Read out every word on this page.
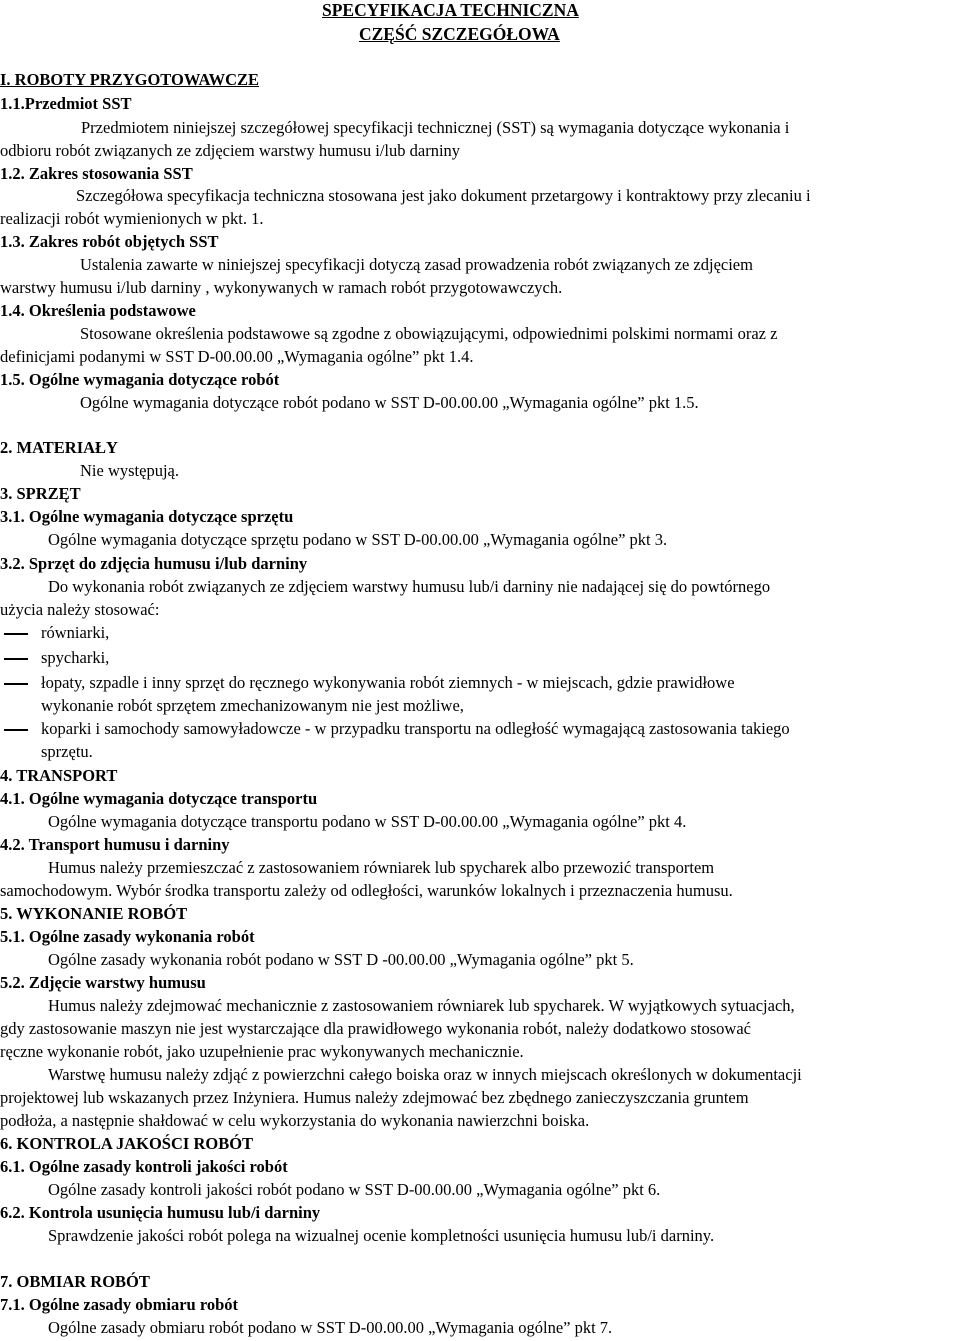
SPECYFIKACJA TECHNICZNA
CZĘŚĆ SZCZEGÓŁOWA
I. ROBOTY PRZYGOTOWAWCZE
1.1.Przedmiot SST
Przedmiotem niniejszej szczegółowej specyfikacji technicznej (SST) są wymagania dotyczące wykonania i
odbioru robót związanych ze zdjęciem warstwy humusu i/lub darniny
1.2. Zakres stosowania SST
Szczegółowa specyfikacja techniczna stosowana jest jako dokument przetargowy i kontraktowy przy zlecaniu i
realizacji robót wymienionych w pkt. 1.
1.3. Zakres robót objętych SST
Ustalenia zawarte w niniejszej specyfikacji dotyczą zasad prowadzenia robót związanych ze zdjęciem
warstwy humusu i/lub darniny , wykonywanych w ramach robót przygotowawczych.
1.4. Określenia podstawowe
Stosowane określenia podstawowe są zgodne z obowiązującymi, odpowiednimi polskimi normami oraz z
definicjami podanymi w SST D-00.00.00 „Wymagania ogólne” pkt 1.4.
1.5. Ogólne wymagania dotyczące robót
Ogólne wymagania dotyczące robót podano w SST D-00.00.00 „Wymagania ogólne” pkt 1.5.
2. MATERIAŁY
Nie występują.
3. SPRZĘT
3.1. Ogólne wymagania dotyczące sprzętu
Ogólne wymagania dotyczące sprzętu podano w SST D-00.00.00 „Wymagania ogólne” pkt 3.
3.2. Sprzęt do zdjęcia humusu i/lub darniny
Do wykonania robót związanych ze zdjęciem warstwy humusu lub/i darniny nie nadającej się do powtórnego
użycia należy stosować:
równiarki,
spycharki,
łopaty, szpadle i inny sprzęt do ręcznego wykonywania robót ziemnych - w miejscach, gdzie prawidłowe
wykonanie robót sprzętem zmechanizowanym nie jest możliwe,
koparki i samochody samowyładowcze - w przypadku transportu na odległość wymagającą zastosowania takiego
sprzętu.
4. TRANSPORT
4.1. Ogólne wymagania dotyczące transportu
Ogólne wymagania dotyczące transportu podano w SST D-00.00.00 „Wymagania ogólne” pkt 4.
4.2. Transport humusu i darniny
Humus należy przemieszczać z zastosowaniem równiarek lub spycharek albo przewozić transportem
samochodowym. Wybór środka transportu zależy od odległości, warunków lokalnych i przeznaczenia humusu.
5. WYKONANIE ROBÓT
5.1. Ogólne zasady wykonania robót
Ogólne zasady wykonania robót podano w SST D -00.00.00 „Wymagania ogólne” pkt 5.
5.2. Zdjęcie warstwy humusu
Humus należy zdejmować mechanicznie z zastosowaniem równiarek lub spycharek. W wyjątkowych sytuacjach,
gdy zastosowanie maszyn nie jest wystarczające dla prawidłowego wykonania robót, należy dodatkowo stosować
ręczne wykonanie robót, jako uzupełnienie prac wykonywanych mechanicznie.
Warstwę humusu należy zdjąć z powierzchni całego boiska oraz w innych miejscach określonych w dokumentacji
projektowej lub wskazanych przez Inżyniera. Humus należy zdejmować bez zbędnego zanieczyszczania gruntem
podłoża, a następnie shałdować w celu wykorzystania do wykonania nawierzchni boiska.
6. KONTROLA JAKOŚCI ROBÓT
6.1. Ogólne zasady kontroli jakości robót
Ogólne zasady kontroli jakości robót podano w SST D-00.00.00 „Wymagania ogólne” pkt 6.
6.2. Kontrola usunięcia humusu lub/i darniny
Sprawdzenie jakości robót polega na wizualnej ocenie kompletności usunięcia humusu lub/i darniny.
7. OBMIAR ROBÓT
7.1. Ogólne zasady obmiaru robót
Ogólne zasady obmiaru robót podano w SST D-00.00.00 „Wymagania ogólne” pkt 7.
